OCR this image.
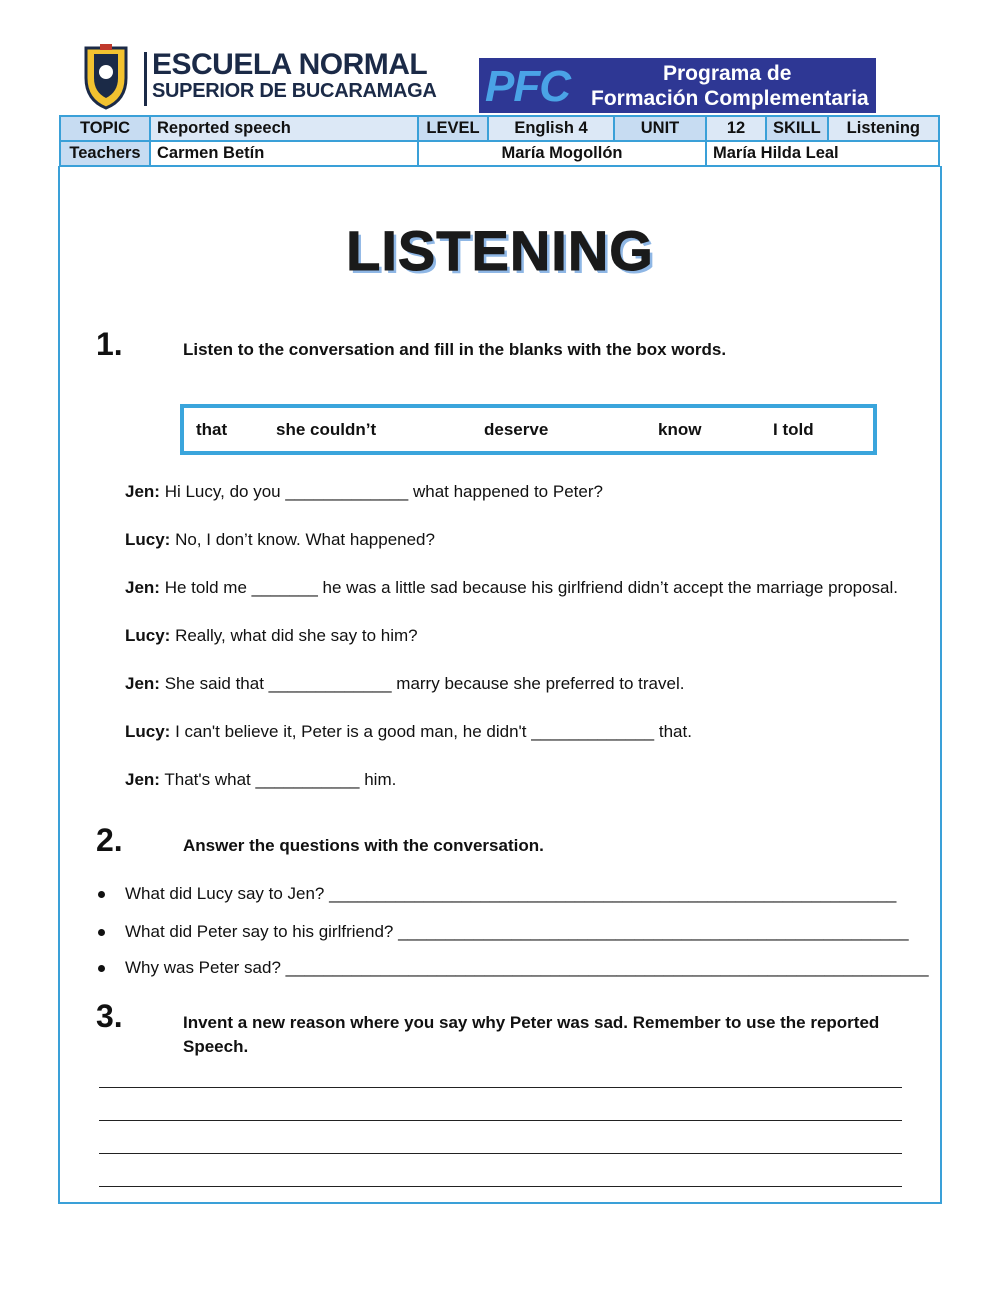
ESCUELA NORMAL
SUPERIOR DE BUCARAMAGA PFC	Programa de
Formación Complementaria
TOPIC	Reported speech	LEVEL	English 4	UNIT	12	SKILL	Listening
Teachers	Carmen Betín	María Mogollón			María Hilda Leal		
LISTENING
1.	Listen to the conversation and fill in the blanks with the box words.
that	she couldn’t	deserve	know	I told
Jen: Hi Lucy, do you _____________ what happened to Peter?
Lucy: No, I don’t know. What happened?
Jen: He told me _______ he was a little sad because his girlfriend didn’t accept the marriage proposal.
Lucy: Really, what did she say to him?
Jen: She said that _____________ marry because she preferred to travel.
Lucy: I can't believe it, Peter is a good man, he didn't _____________ that.
Jen: That's what ___________ him.
2.	Answer the questions with the conversation.
What did Lucy say to Jen? ____________________________________________________________
What did Peter say to his girlfriend? ______________________________________________________
Why was Peter sad? ____________________________________________________________________
3.	Invent a new reason where you say why Peter was sad. Remember to use the reported
Speech.
